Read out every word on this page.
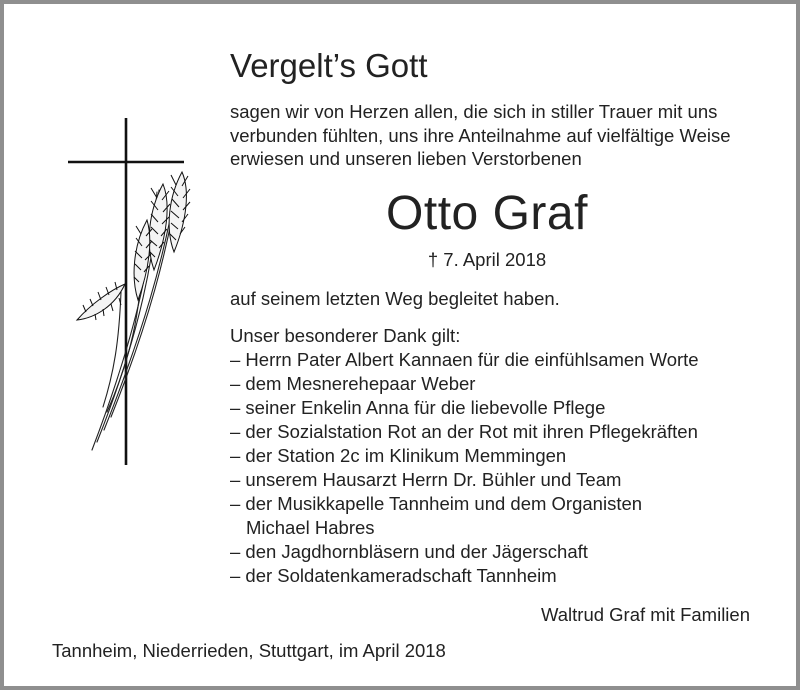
Vergelt’s Gott
sagen wir von Herzen allen, die sich in stiller Trauer mit uns
verbunden fühlten, uns ihre Anteilnahme auf vielfältige Weise
erwiesen und unseren lieben Verstorbenen
Otto Graf
† 7. April 2018
auf seinem letzten Weg begleitet haben.
Unser besonderer Dank gilt:
– Herrn Pater Albert Kannaen für die einfühlsamen Worte
– dem Mesnerehepaar Weber
– seiner Enkelin Anna für die liebevolle Pflege
– der Sozialstation Rot an der Rot mit ihren Pflegekräften
– der Station 2c im Klinikum Memmingen
– unserem Hausarzt Herrn Dr. Bühler und Team
– der Musikkapelle Tannheim und dem Organisten
Michael Habres
– den Jagdhornbläsern und der Jägerschaft
– der Soldatenkameradschaft Tannheim
Waltrud Graf mit Familien
Tannheim, Niederrieden, Stuttgart, im April 2018
